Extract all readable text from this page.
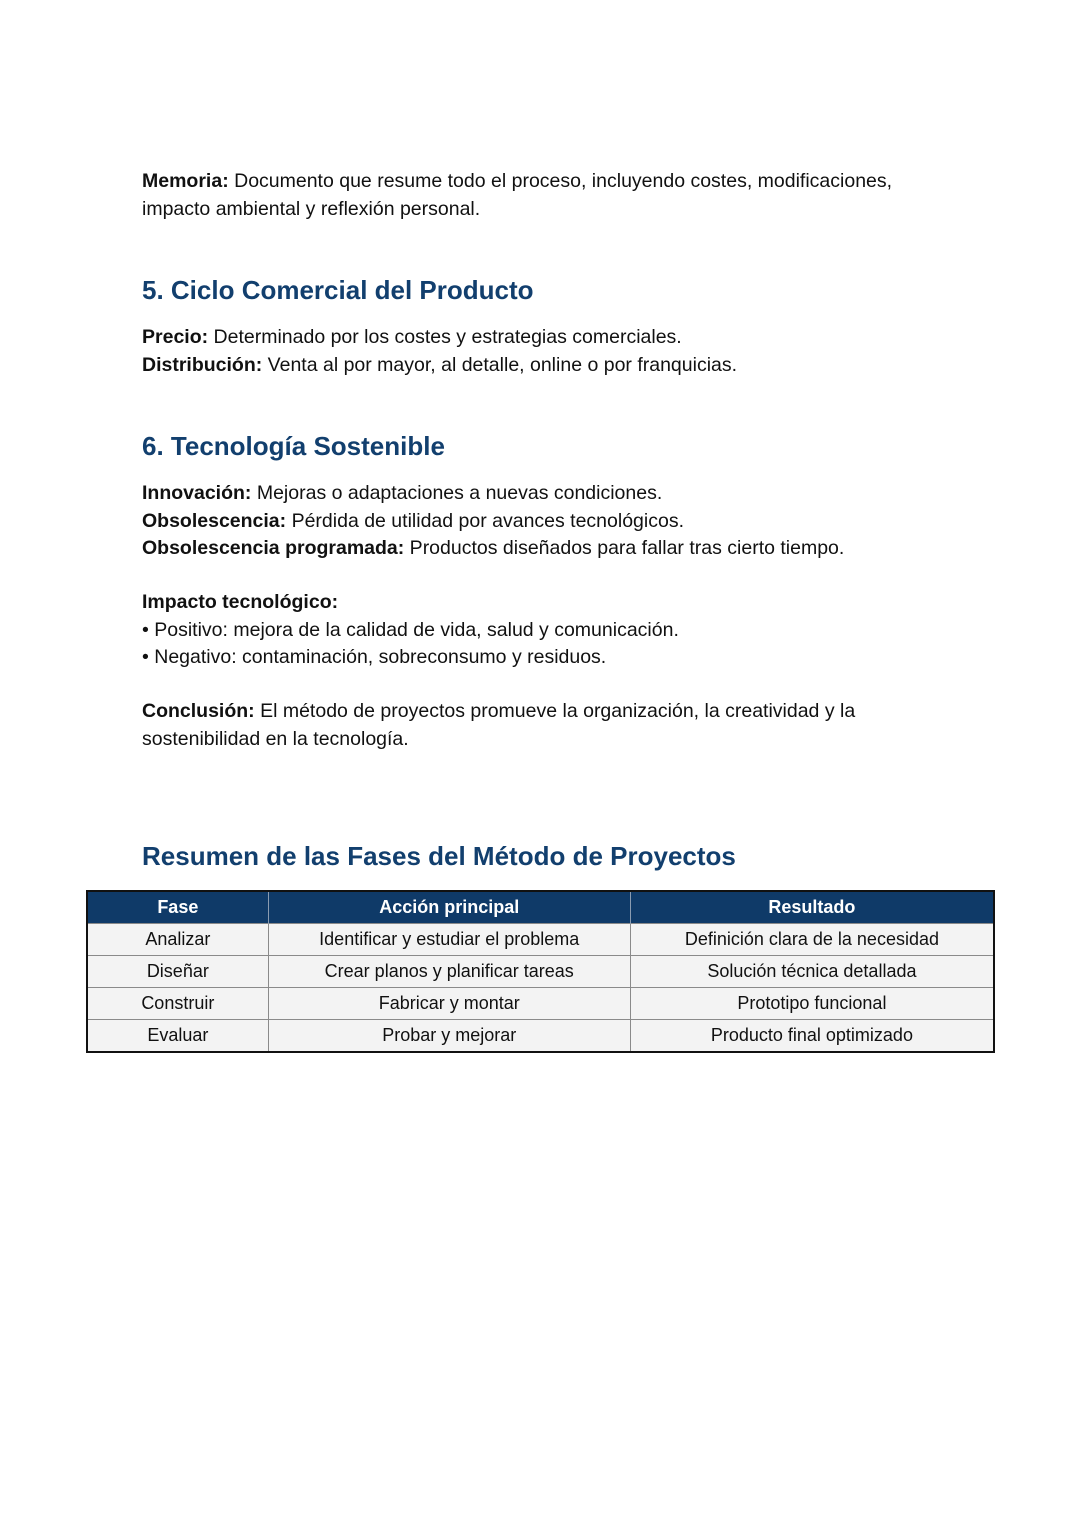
Memoria: Documento que resume todo el proceso, incluyendo costes, modificaciones,
impacto ambiental y reflexión personal.

5. Ciclo Comercial del Producto

Precio: Determinado por los costes y estrategias comerciales.
Distribución: Venta al por mayor, al detalle, online o por franquicias.

6. Tecnología Sostenible

Innovación: Mejoras o adaptaciones a nuevas condiciones.
Obsolescencia: Pérdida de utilidad por avances tecnológicos.
Obsolescencia programada: Productos diseñados para fallar tras cierto tiempo.

Impacto tecnológico:
• Positivo: mejora de la calidad de vida, salud y comunicación.
• Negativo: contaminación, sobreconsumo y residuos.

Conclusión: El método de proyectos promueve la organización, la creatividad y la
sostenibilidad en la tecnología.

Resumen de las Fases del Método de Proyectos
Fase	Acción principal	Resultado
Analizar	Identificar y estudiar el problema	Definición clara de la necesidad
Diseñar	Crear planos y planificar tareas	Solución técnica detallada
Construir	Fabricar y montar	Prototipo funcional
Evaluar	Probar y mejorar	Producto final optimizado
